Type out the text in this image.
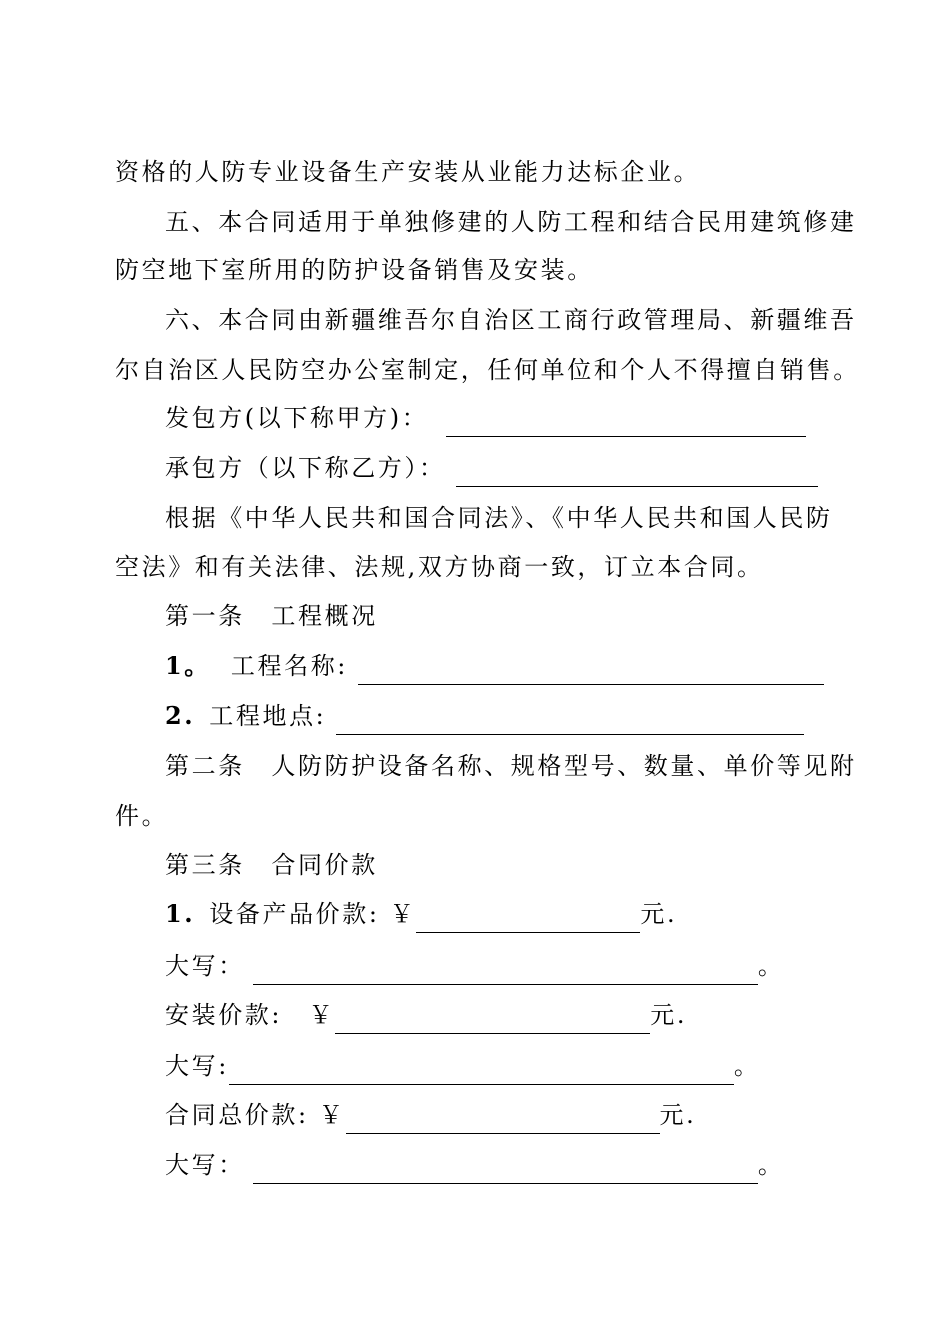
资格的人防专业设备生产安装从业能力达标企业。
五、本合同适用于单独修建的人防工程和结合民用建筑修建
防空地下室所用的防护设备销售及安装。
六、本合同由新疆维吾尔自治区工商行政管理局、新疆维吾
尔自治区人民防空办公室制定，任何单位和个人不得擅自销售。
发包方(以下称甲方)：
承包方（以下称乙方）：
根据《中华人民共和国合同法》、《中华人民共和国人民防
空法》和有关法律、法规,双方协商一致，订立本合同。
第一条　工程概况
1。 工程名称:
2. 工程地点:
第二条　人防防护设备名称、规格型号、数量、单价等见附
件。
第三条　合同价款
1. 设备产品价款: ￥	元.
大写：	。
安装价款:　￥	元.
大写:	。
合同总价款: ￥	元.
大写：	。
